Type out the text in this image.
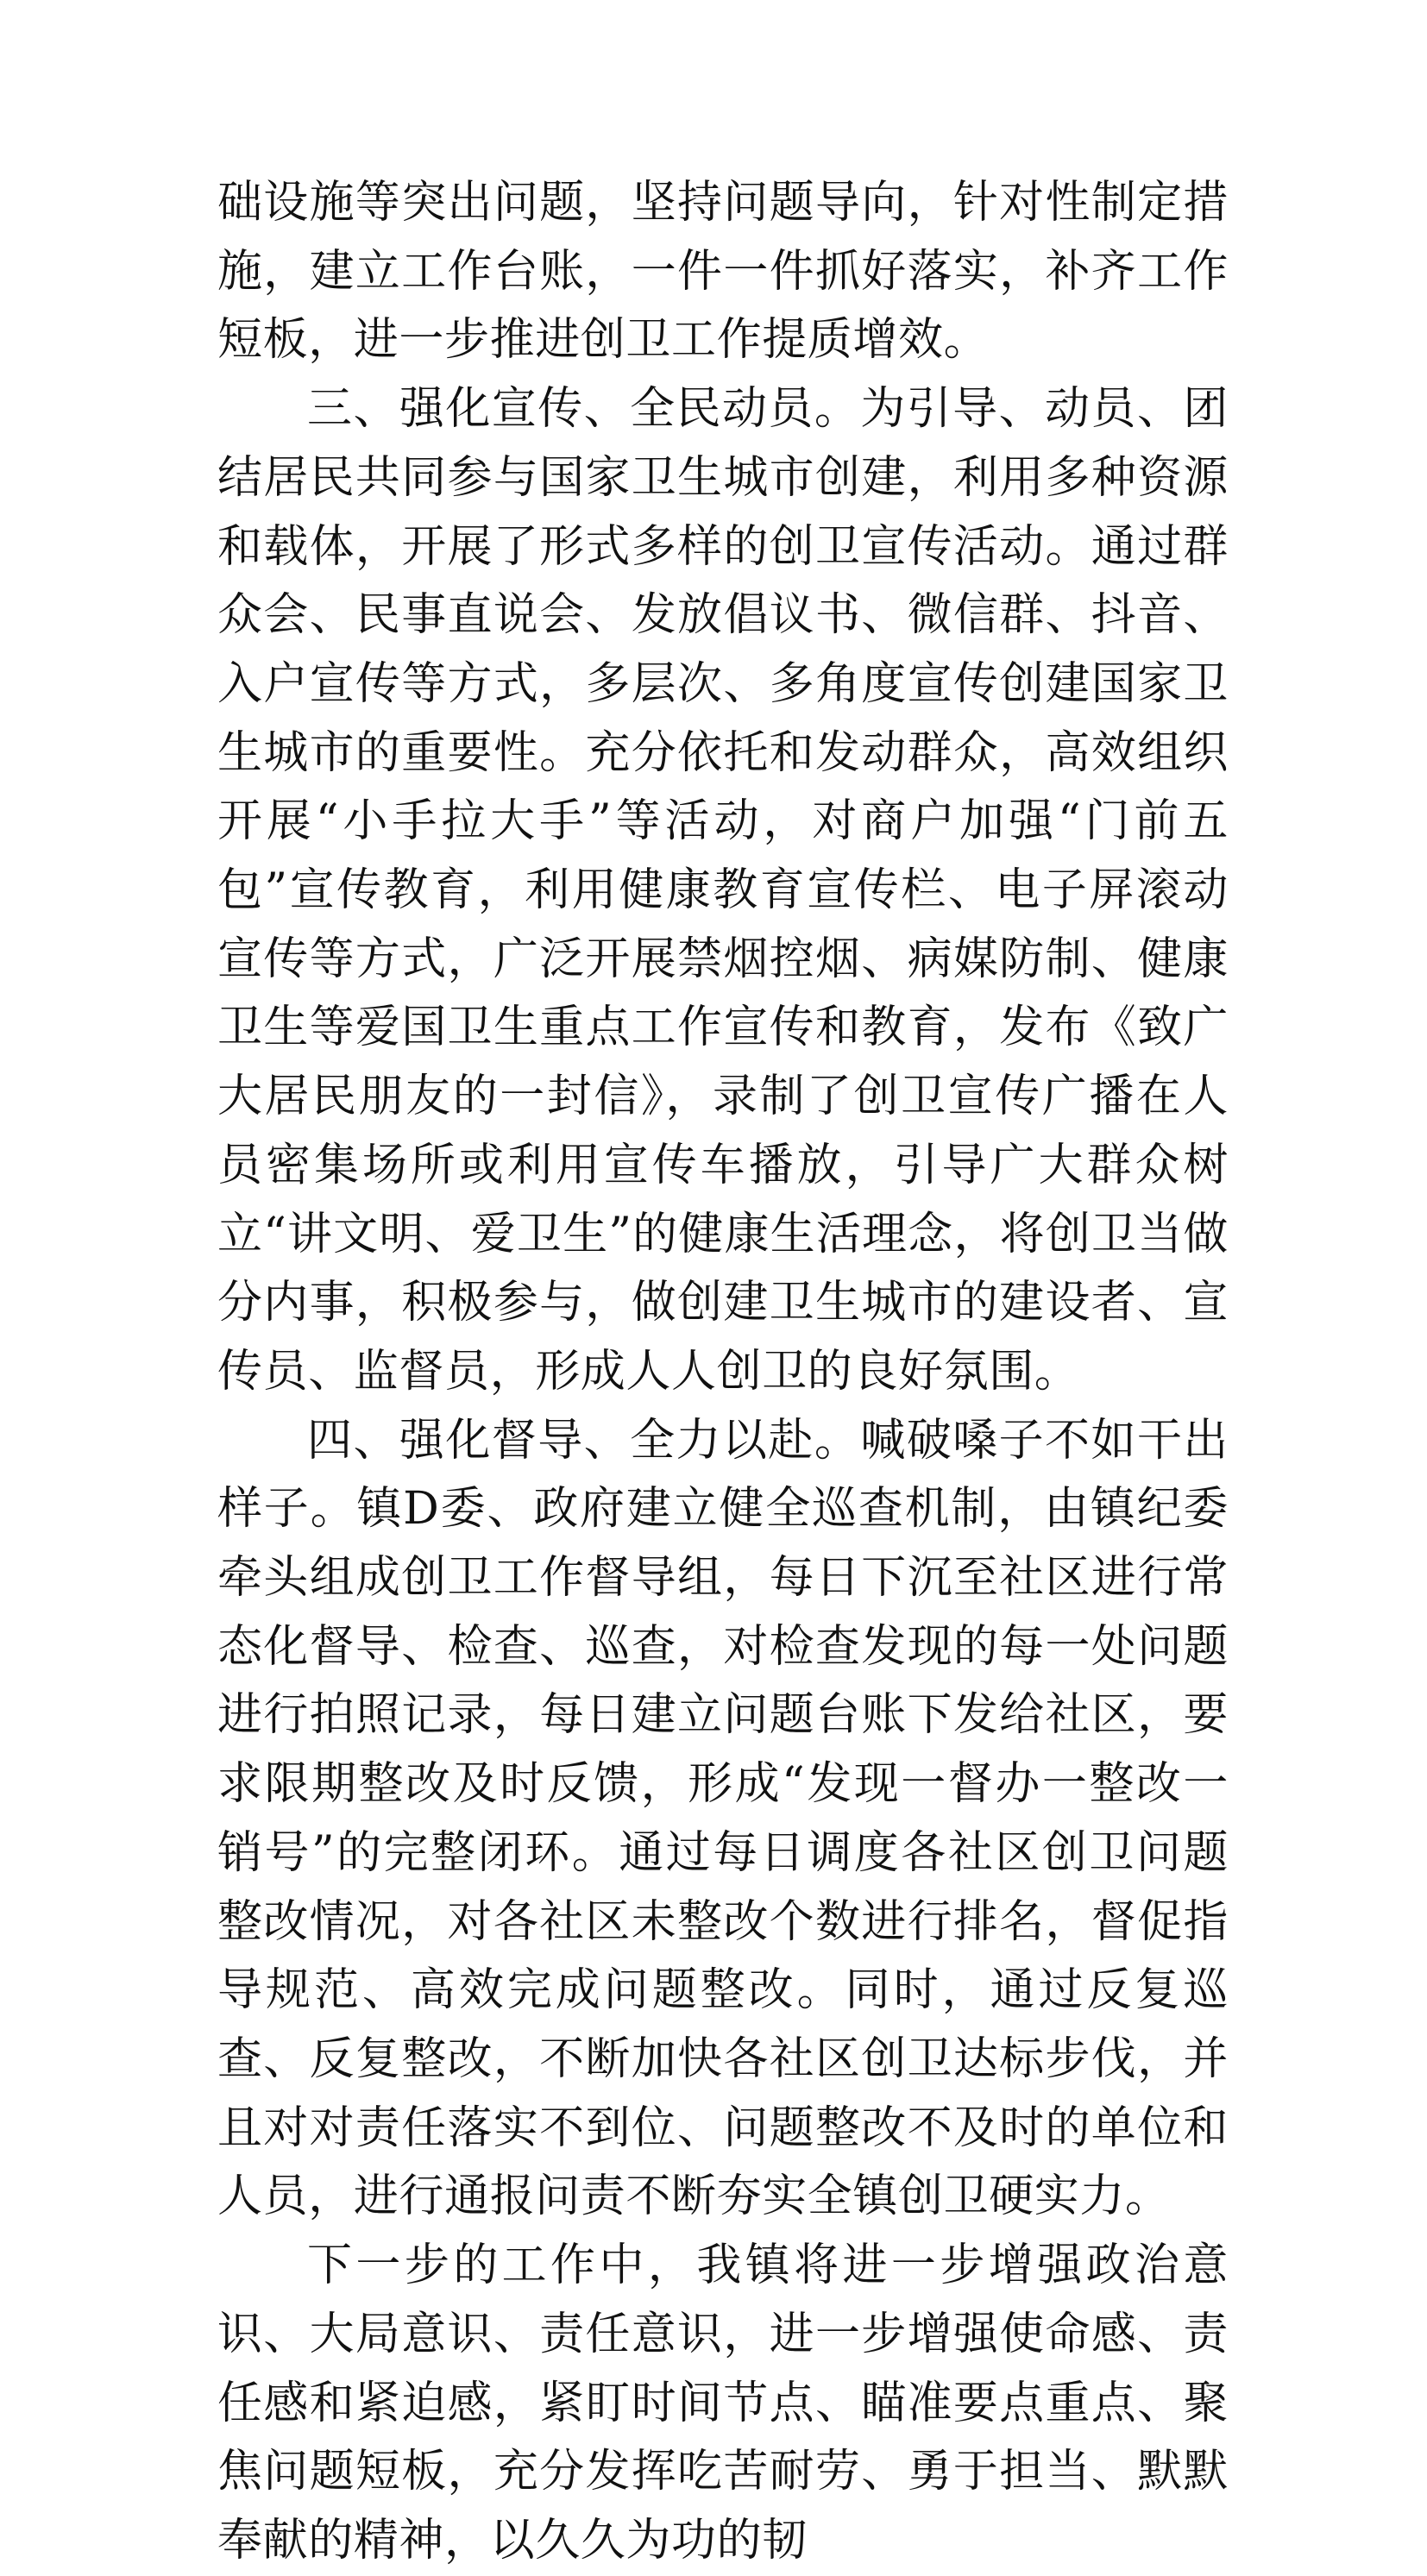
础设施等突出问题，坚持问题导向，针对性制定措施，建立工作台账，一件一件抓好落实，补齐工作短板，进一步推进创卫工作提质增效。

三、强化宣传、全民动员。为引导、动员、团结居民共同参与国家卫生城市创建，利用多种资源和载体，开展了形式多样的创卫宣传活动。通过群众会、民事直说会、发放倡议书、微信群、抖音、入户宣传等方式，多层次、多角度宣传创建国家卫生城市的重要性。充分依托和发动群众，高效组织开展“小手拉大手”等活动，对商户加强“门前五包”宣传教育，利用健康教育宣传栏、电子屏滚动宣传等方式，广泛开展禁烟控烟、病媒防制、健康卫生等爱国卫生重点工作宣传和教育，发布《致广大居民朋友的一封信》，录制了创卫宣传广播在人员密集场所或利用宣传车播放，引导广大群众树立“讲文明、爱卫生”的健康生活理念，将创卫当做分内事，积极参与，做创建卫生城市的建设者、宣传员、监督员，形成人人创卫的良好氛围。

四、强化督导、全力以赴。喊破嗓子不如干出样子。镇D委、政府建立健全巡查机制，由镇纪委牵头组成创卫工作督导组，每日下沉至社区进行常态化督导、检查、巡查，对检查发现的每一处问题进行拍照记录，每日建立问题台账下发给社区，要求限期整改及时反馈，形成“发现一督办一整改一销号”的完整闭环。通过每日调度各社区创卫问题整改情况，对各社区未整改个数进行排名，督促指导规范、高效完成问题整改。同时，通过反复巡查、反复整改，不断加快各社区创卫达标步伐，并且对对责任落实不到位、问题整改不及时的单位和人员，进行通报问责不断夯实全镇创卫硬实力。

下一步的工作中，我镇将进一步增强政治意识、大局意识、责任意识，进一步增强使命感、责任感和紧迫感，紧盯时间节点、瞄准要点重点、聚焦问题短板，充分发挥吃苦耐劳、勇于担当、默默奉献的精神，以久久为功的韧
